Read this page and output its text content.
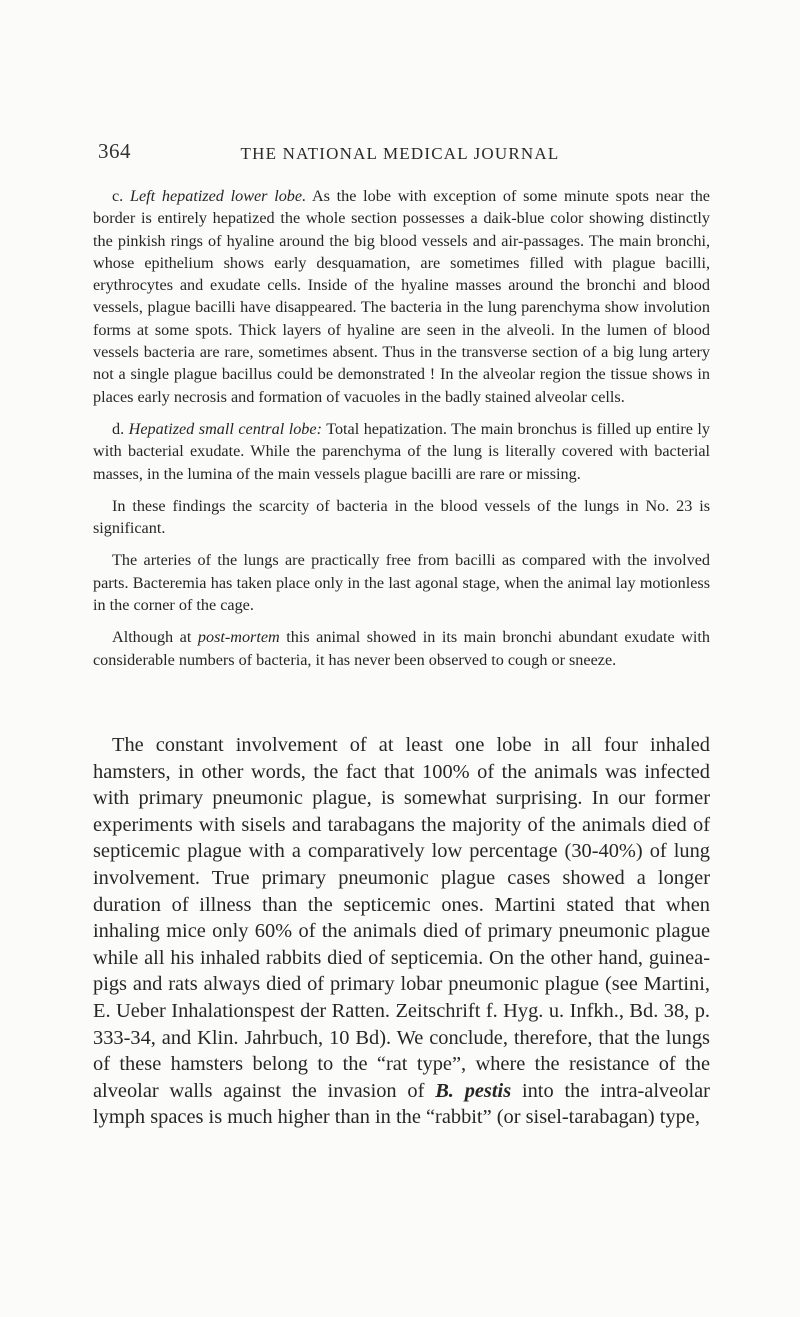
364	THE NATIONAL MEDICAL JOURNAL

c. Left hepatized lower lobe. As the lobe with exception of some minute spots near the border is entirely hepatized the whole section possesses a daik-blue color showing distinctly the pinkish rings of hyaline around the big blood vessels and air-passages. The main bronchi, whose epithelium shows early desquamation, are sometimes filled with plague bacilli, erythrocytes and exudate cells. Inside of the hyaline masses around the bronchi and blood vessels, plague bacilli have disappeared. The bacteria in the lung parenchyma show involution forms at some spots. Thick layers of hyaline are seen in the alveoli. In the lumen of blood vessels bacteria are rare, sometimes absent. Thus in the transverse section of a big lung artery not a single plague bacillus could be demonstrated ! In the alveolar region the tissue shows in places early necrosis and formation of vacuoles in the badly stained alveolar cells.

d. Hepatized small central lobe: Total hepatization. The main bronchus is filled up entire ly with bacterial exudate. While the parenchyma of the lung is literally covered with bacterial masses, in the lumina of the main vessels plague bacilli are rare or missing.

In these findings the scarcity of bacteria in the blood vessels of the lungs in No. 23 is significant.

The arteries of the lungs are practically free from bacilli as compared with the involved parts. Bacteremia has taken place only in the last agonal stage, when the animal lay motionless in the corner of the cage.

Although at post-mortem this animal showed in its main bronchi abundant exudate with considerable numbers of bacteria, it has never been observed to cough or sneeze.

The constant involvement of at least one lobe in all four inhaled hamsters, in other words, the fact that 100% of the animals was infected with primary pneumonic plague, is somewhat surprising. In our former experiments with sisels and tarabagans the majority of the animals died of septicemic plague with a comparatively low percentage (30-40%) of lung involvement. True primary pneumonic plague cases showed a longer duration of illness than the septicemic ones. Martini stated that when inhaling mice only 60% of the animals died of primary pneumonic plague while all his inhaled rabbits died of septicemia. On the other hand, guinea-pigs and rats always died of primary lobar pneumonic plague (see Martini, E. Ueber Inhalationspest der Ratten. Zeitschrift f. Hyg. u. Infkh., Bd. 38, p. 333-34, and Klin. Jahrbuch, 10 Bd). We conclude, therefore, that the lungs of these hamsters belong to the “rat type”, where the resistance of the alveolar walls against the invasion of B. pestis into the intra-alveolar lymph spaces is much higher than in the “rabbit” (or sisel-tarabagan) type,
